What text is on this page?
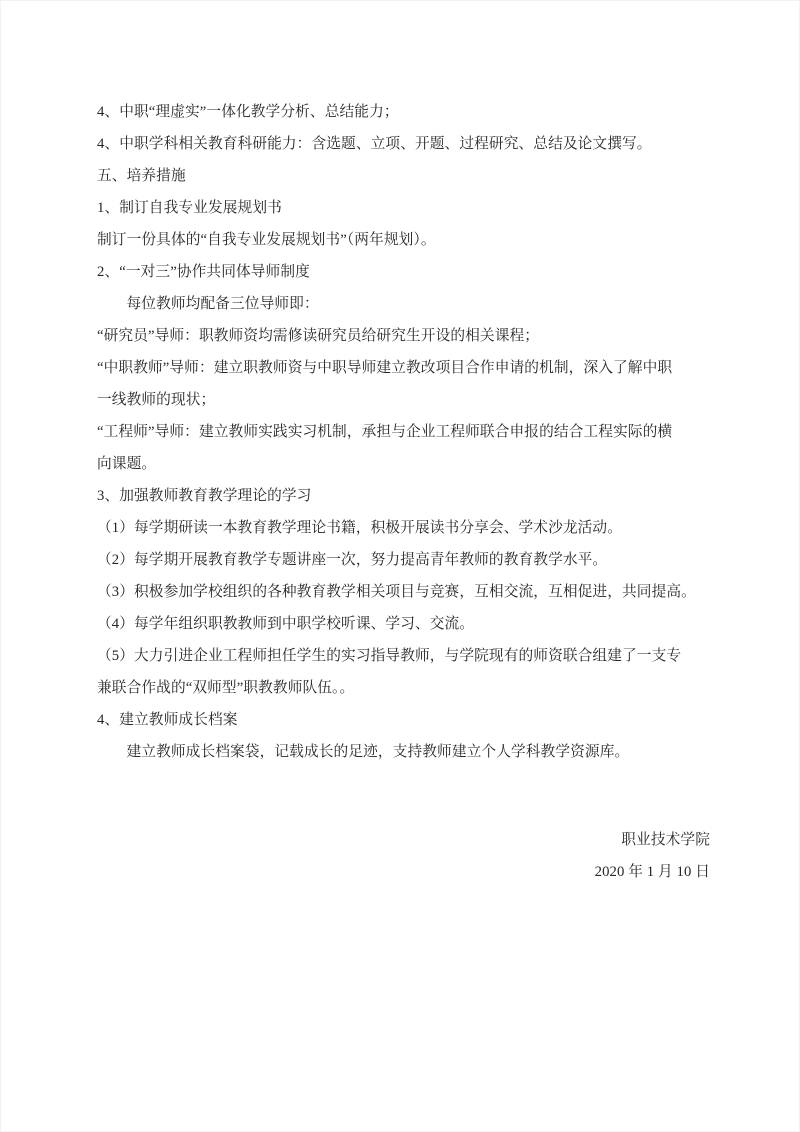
4、中职“理虚实”一体化教学分析、总结能力；
4、中职学科相关教育科研能力：含选题、立项、开题、过程研究、总结及论文撰写。
五、培养措施
1、制订自我专业发展规划书
制订一份具体的“自我专业发展规划书”（两年规划）。
2、“一对三”协作共同体导师制度
每位教师均配备三位导师即：
“研究员”导师：职教师资均需修读研究员给研究生开设的相关课程；
“中职教师”导师：建立职教师资与中职导师建立教改项目合作申请的机制，深入了解中职
一线教师的现状；
“工程师”导师：建立教师实践实习机制，承担与企业工程师联合申报的结合工程实际的横
向课题。
3、加强教师教育教学理论的学习
（1）每学期研读一本教育教学理论书籍，积极开展读书分享会、学术沙龙活动。
（2）每学期开展教育教学专题讲座一次，努力提高青年教师的教育教学水平。
（3）积极参加学校组织的各种教育教学相关项目与竞赛，互相交流，互相促进，共同提高。
（4）每学年组织职教教师到中职学校听课、学习、交流。
（5）大力引进企业工程师担任学生的实习指导教师，与学院现有的师资联合组建了一支专
兼联合作战的“双师型”职教教师队伍。。
4、建立教师成长档案
建立教师成长档案袋，记载成长的足迹，支持教师建立个人学科教学资源库。
职业技术学院
2020 年 1 月 10 日
